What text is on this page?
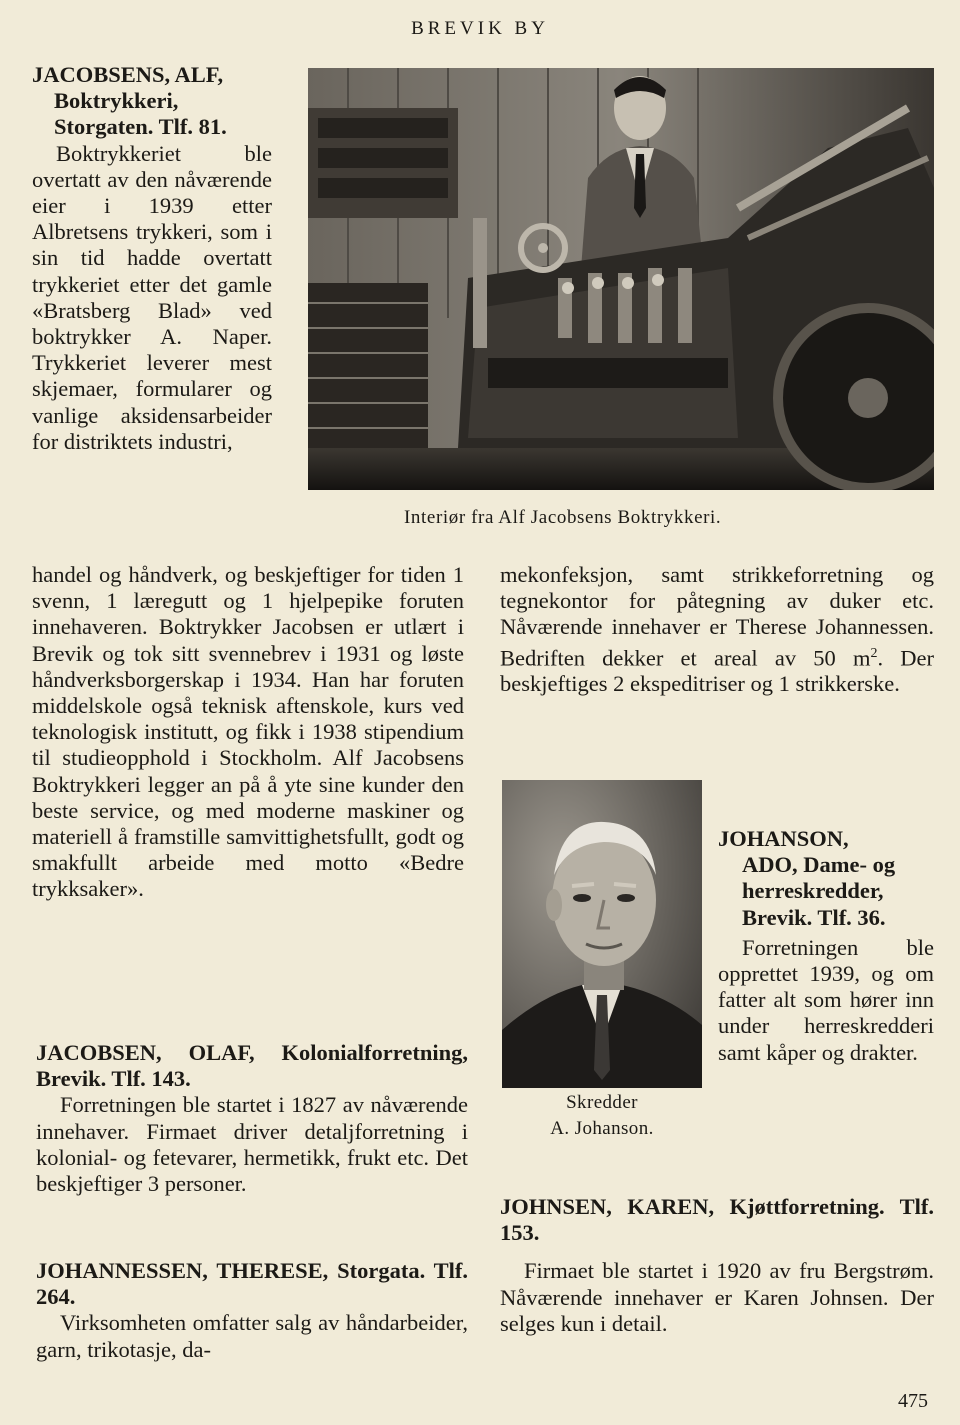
BREVIK BY

JACOBSENS, ALF,

Boktrykkeri,

Storgaten. Tlf. 81.

Boktrykkeriet ble overtatt av den nåværende eier i 1939 etter Albretsens trykkeri, som i sin tid hadde overtatt trykkeriet etter det gamle «Bratsberg Blad» ved boktrykker A. Naper. Trykkeriet leverer mest skjemaer, formularer og vanlige aksidensarbeider for distriktets industri,

Interiør fra Alf Jacobsens Boktrykkeri.

handel og håndverk, og beskjeftiger for tiden 1 svenn, 1 læregutt og 1 hjelpepike foruten innehaveren. Boktrykker Jacobsen er utlært i Brevik og tok sitt svennebrev i 1931 og løste håndverksborgerskap i 1934. Han har foruten middelskole også teknisk aftenskole, kurs ved teknologisk institutt, og fikk i 1938 stipendium til studieopphold i Stockholm. Alf Jacobsens Boktrykkeri legger an på å yte sine kunder den beste service, og med moderne maskiner og materiell å framstille samvittighetsfullt, godt og smakfullt arbeide med motto «Bedre trykksaker».

JACOBSEN, OLAF, Kolonialforretning, Brevik. Tlf. 143.

Forretningen ble startet i 1827 av nåværende innehaver. Firmaet driver detaljforretning i kolonial- og fetevarer, hermetikk, frukt etc. Det beskjeftiger 3 personer.

JOHANNESSEN, THERESE, Storgata. Tlf. 264.

Virksomheten omfatter salg av håndarbeider, garn, trikotasje, da-

mekonfeksjon, samt strikkeforretning og tegnekontor for påtegning av duker etc. Nåværende innehaver er Therese Johannessen. Bedriften dekker et areal av 50 $m^2$. Der beskjeftiges 2 ekspeditriser og 1 strikkerske.

Skredder
A. Johanson.

JOHANSON,

ADO, Dame- og

herreskredder,

Brevik. Tlf. 36.

Forretningen ble opprettet 1939, og om fatter alt som hører inn under herreskredderi samt kåper og drakter.

JOHNSEN, KAREN, Kjøttforretning. Tlf. 153.

Firmaet ble startet i 1920 av fru Bergstrøm. Nåværende innehaver er Karen Johnsen. Der selges kun i detail.

475
